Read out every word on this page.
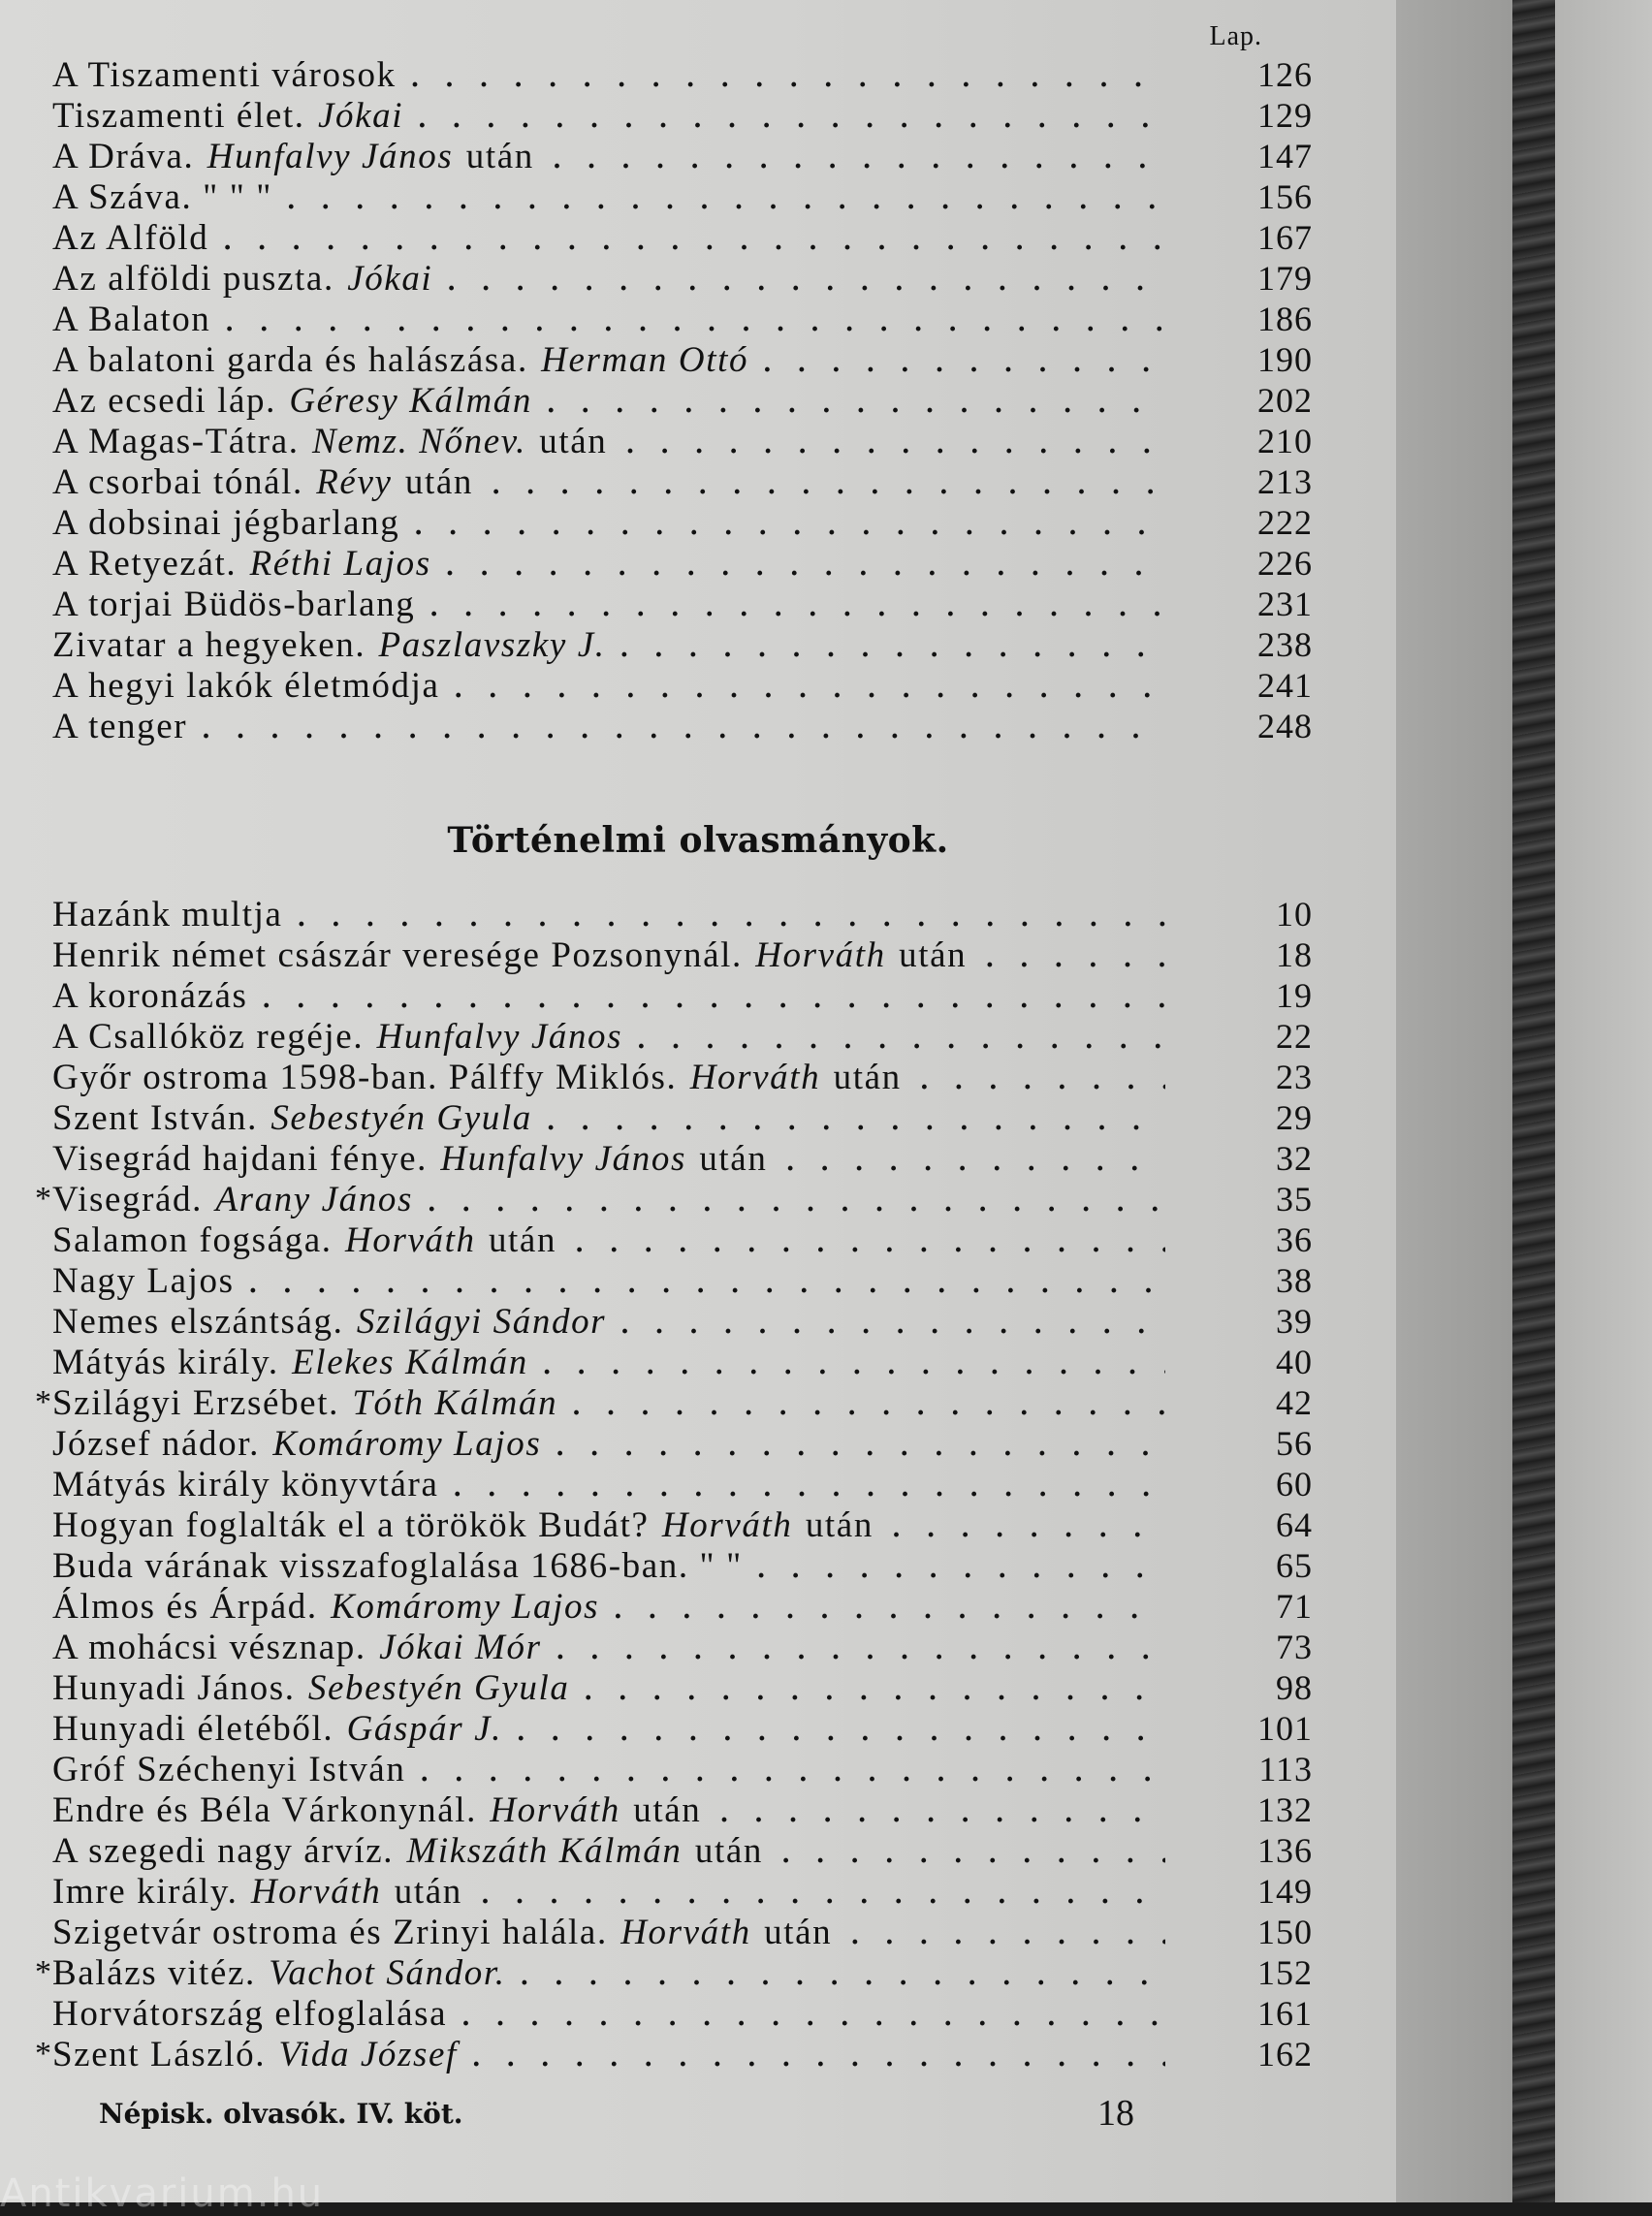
Lap.
A Tiszamenti városok . . .	126
Tiszamenti élet. Jókai . . .	129
A Dráva. Hunfalvy János után . . .	147
A Száva. " " " . . .	156
Az Alföld . . .	167
Az alföldi puszta. Jókai . . .	179
A Balaton . . .	186
A balatoni garda és halászása. Herman Ottó . . .	190
Az ecsedi láp. Géresy Kálmán . . .	202
A Magas-Tátra. Nemz. Nőnev. után . . .	210
A csorbai tónál. Révy után . . .	213
A dobsinai jégbarlang . . .	222
A Retyezát. Réthi Lajos . . .	226
A torjai Büdös-barlang . . .	231
Zivatar a hegyeken. Paszlavszky J. . . .	238
A hegyi lakók életmódja . . .	241
A tenger . . .	248
Történelmi olvasmányok.
Hazánk multja . . .	10
Henrik német császár veresége Pozsonynál. Horváth után . . .	18
A koronázás . . .	19
A Csallóköz regéje. Hunfalvy János . . .	22
Győr ostroma 1598-ban. Pálffy Miklós. Horváth után . . .	23
Szent István. Sebestyén Gyula . . .	29
Visegrád hajdani fénye. Hunfalvy János után . . .	32
* Visegrád. Arany János . . .	35
Salamon fogsága. Horváth után . . .	36
Nagy Lajos . . .	38
Nemes elszántság. Szilágyi Sándor . . .	39
Mátyás király. Elekes Kálmán . . .	40
* Szilágyi Erzsébet. Tóth Kálmán . . .	42
József nádor. Komáromy Lajos . . .	56
Mátyás király könyvtára . . .	60
Hogyan foglalták el a törökök Budát? Horváth után . . .	64
Buda várának visszafoglalása 1686-ban. " " . . .	65
Álmos és Árpád. Komáromy Lajos . . .	71
A mohácsi vésznap. Jókai Mór . . .	73
Hunyadi János. Sebestyén Gyula . . .	98
Hunyadi életéből. Gáspár J. . . .	101
Gróf Széchenyi István . . .	113
Endre és Béla Várkonynál. Horváth után . . .	132
A szegedi nagy árvíz. Mikszáth Kálmán után . . .	136
Imre király. Horváth után . . .	149
Szigetvár ostroma és Zrinyi halála. Horváth után . . .	150
* Balázs vitéz. Vachot Sándor. . . .	152
Horvátország elfoglalása . . .	161
* Szent László. Vida József . . .	162
Népisk. olvasók. IV. köt.	18
Antikvarium.hu
